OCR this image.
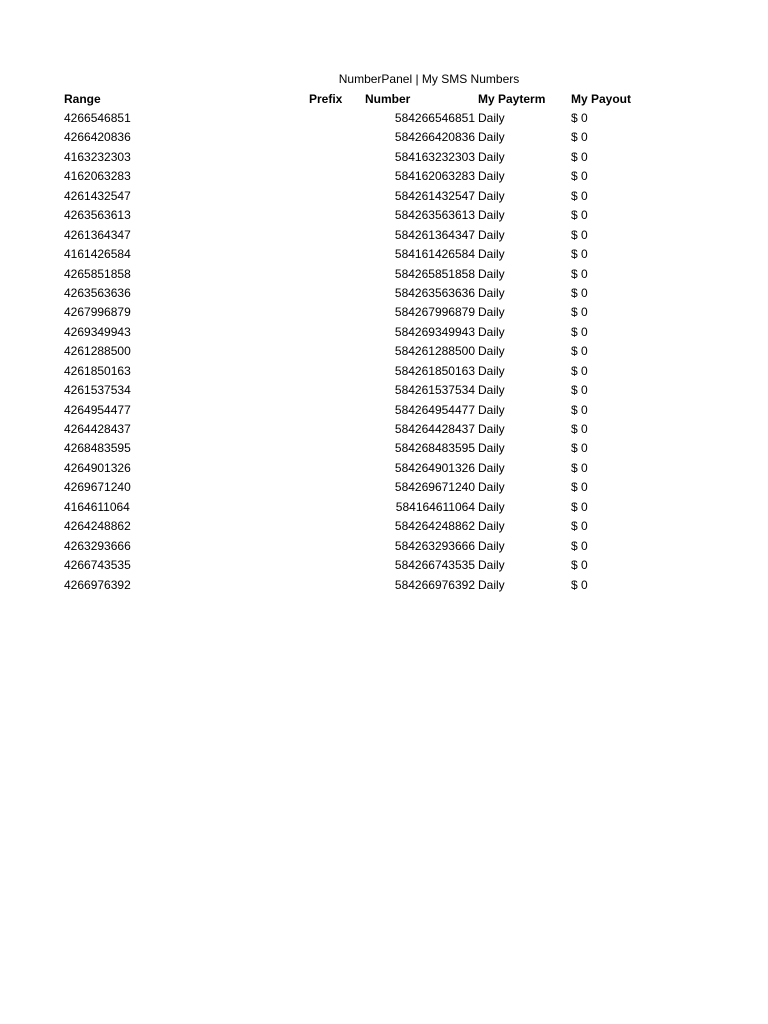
NumberPanel | My SMS Numbers
Range	Prefix Number	My Payterm My Payout
4266546851	584266546851 Daily	$ 0
4266420836	584266420836 Daily	$ 0
4163232303	584163232303 Daily	$ 0
4162063283	584162063283 Daily	$ 0
4261432547	584261432547 Daily	$ 0
4263563613	584263563613 Daily	$ 0
4261364347	584261364347 Daily	$ 0
4161426584	584161426584 Daily	$ 0
4265851858	584265851858 Daily	$ 0
4263563636	584263563636 Daily	$ 0
4267996879	584267996879 Daily	$ 0
4269349943	584269349943 Daily	$ 0
4261288500	584261288500 Daily	$ 0
4261850163	584261850163 Daily	$ 0
4261537534	584261537534 Daily	$ 0
4264954477	584264954477 Daily	$ 0
4264428437	584264428437 Daily	$ 0
4268483595	584268483595 Daily	$ 0
4264901326	584264901326 Daily	$ 0
4269671240	584269671240 Daily	$ 0
4164611064	584164611064 Daily	$ 0
4264248862	584264248862 Daily	$ 0
4263293666	584263293666 Daily	$ 0
4266743535	584266743535 Daily	$ 0
4266976392	584266976392 Daily	$ 0
